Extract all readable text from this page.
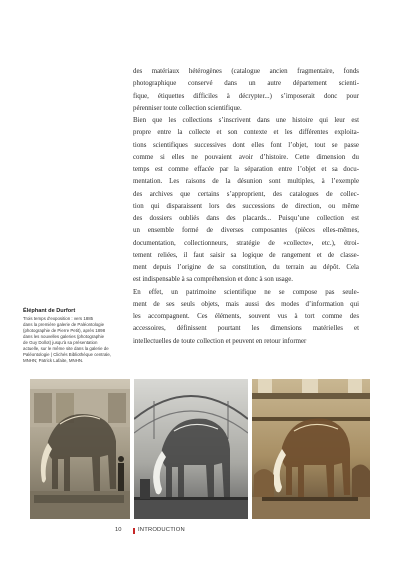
des matériaux hétérogènes (catalogue ancien fragmentaire, fonds
photographique conservé dans un autre département scienti-
fique, étiquettes difficiles à décrypter...) s’imposerait donc pour
pérenniser toute collection scientifique.
Bien que les collections s’inscrivent dans une histoire qui leur est
propre entre la collecte et son contexte et les différentes exploita-
tions scientifiques successives dont elles font l’objet, tout se passe
comme si elles ne pouvaient avoir d’histoire. Cette dimension du
temps est comme effacée par la séparation entre l’objet et sa docu-
mentation. Les raisons de la désunion sont multiples, à l’exemple
des archives que certains s’approprient, des catalogues de collec-
tion qui disparaissent lors des successions de direction, ou même
des dossiers oubliés dans des placards... Puisqu’une collection est
un ensemble formé de diverses composantes (pièces elles-mêmes,
documentation, collectionneurs, stratégie de «collecte», etc.), étroi-
tement reliées, il faut saisir sa logique de rangement et de classe-
ment depuis l’origine de sa constitution, du terrain au dépôt. Cela
est indispensable à sa compréhension et donc à son usage.
En effet, un patrimoine scientifique ne se compose pas seule-
ment de ses seuls objets, mais aussi des modes d’information qui
les accompagnent. Ces éléments, souvent vus à tort comme des
accessoires, définissent pourtant les dimensions matérielles et
intellectuelles de toute collection et peuvent en retour informer
Éléphant de Durfort
Trois temps d’exposition : vers 1885
dans la première galerie de Paléontologie
(photographie de Pierre Petit), après 1898
dans les nouvelles galeries (photographie
de Guy Dollot) jusqu’à sa présentation
actuelle, sur le même site dans la galerie de
Paléontologie | Clichés Bibliothèque centrale,
MNHN; Patrick Lafaite, MNHN.
10	INTRODUCTION
